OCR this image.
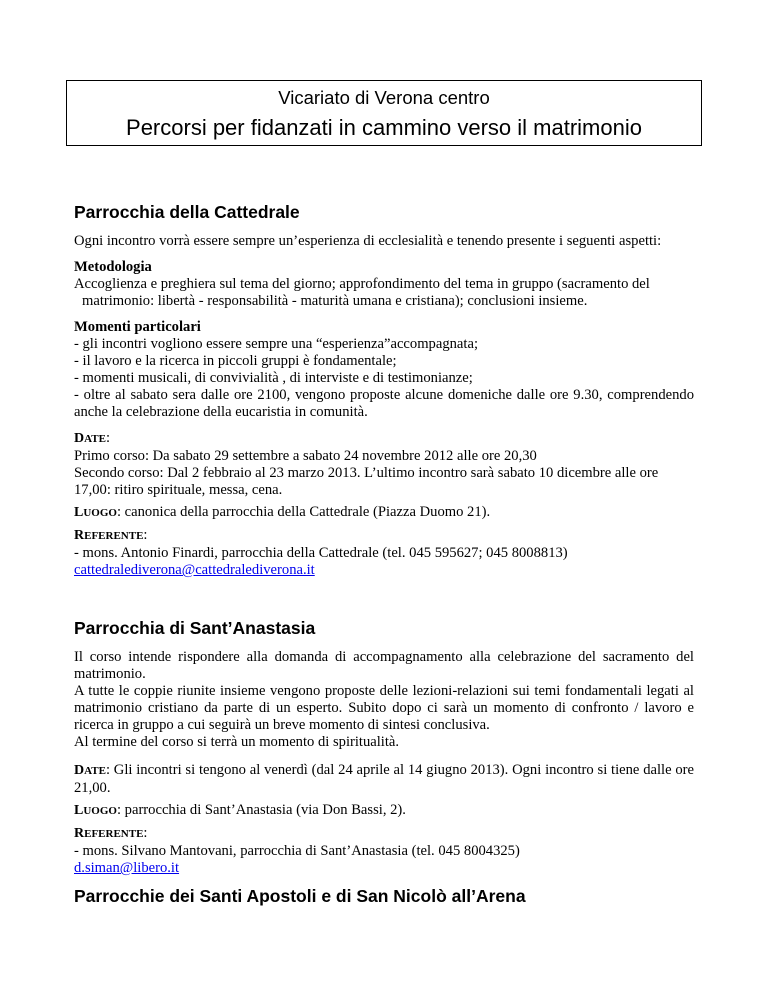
Vicariato di Verona centro
Percorsi per fidanzati in cammino verso il matrimonio
Parrocchia della Cattedrale

Ogni incontro vorrà essere sempre un’esperienza di ecclesialità e tenendo presente i seguenti aspetti:

Metodologia

Accoglienza e preghiera sul tema del giorno; approfondimento del tema in gruppo (sacramento del

matrimonio: libertà - responsabilità - maturità umana e cristiana); conclusioni insieme.

Momenti particolari

- gli incontri vogliono essere sempre una “esperienza”accompagnata;

- il lavoro e la ricerca in piccoli gruppi è fondamentale;

- momenti musicali, di convivialità , di interviste e di testimonianze;

- oltre al sabato sera dalle ore 2100, vengono proposte alcune domeniche dalle ore 9.30, comprendendo anche la celebrazione della eucaristia in comunità.

DATE:

Primo corso: Da sabato 29 settembre a sabato 24 novembre 2012 alle ore 20,30

Secondo corso: Dal 2 febbraio al 23 marzo 2013. L’ultimo incontro sarà sabato 10 dicembre alle ore 17,00: ritiro spirituale, messa, cena.

LUOGO: canonica della parrocchia della Cattedrale (Piazza Duomo 21).

REFERENTE:

- mons. Antonio Finardi, parrocchia della Cattedrale (tel. 045 595627; 045 8008813)

cattedralediverona@cattedralediverona.it

Parrocchia di Sant’Anastasia

Il corso intende rispondere alla domanda di accompagnamento alla celebrazione del sacramento del matrimonio.

A tutte le coppie riunite insieme vengono proposte delle lezioni-relazioni sui temi fondamentali legati al matrimonio cristiano da parte di un esperto. Subito dopo ci sarà un momento di confronto / lavoro e ricerca in gruppo a cui seguirà un breve momento di sintesi conclusiva.

Al termine del corso si terrà un momento di spiritualità.

DATE: Gli incontri si tengono al venerdì (dal 24 aprile al 14 giugno 2013). Ogni incontro si tiene dalle ore 21,00.

LUOGO: parrocchia di Sant’Anastasia (via Don Bassi, 2).

REFERENTE:

- mons. Silvano Mantovani, parrocchia di Sant’Anastasia (tel. 045 8004325)

d.siman@libero.it

Parrocchie dei Santi Apostoli e di San Nicolò all’Arena
